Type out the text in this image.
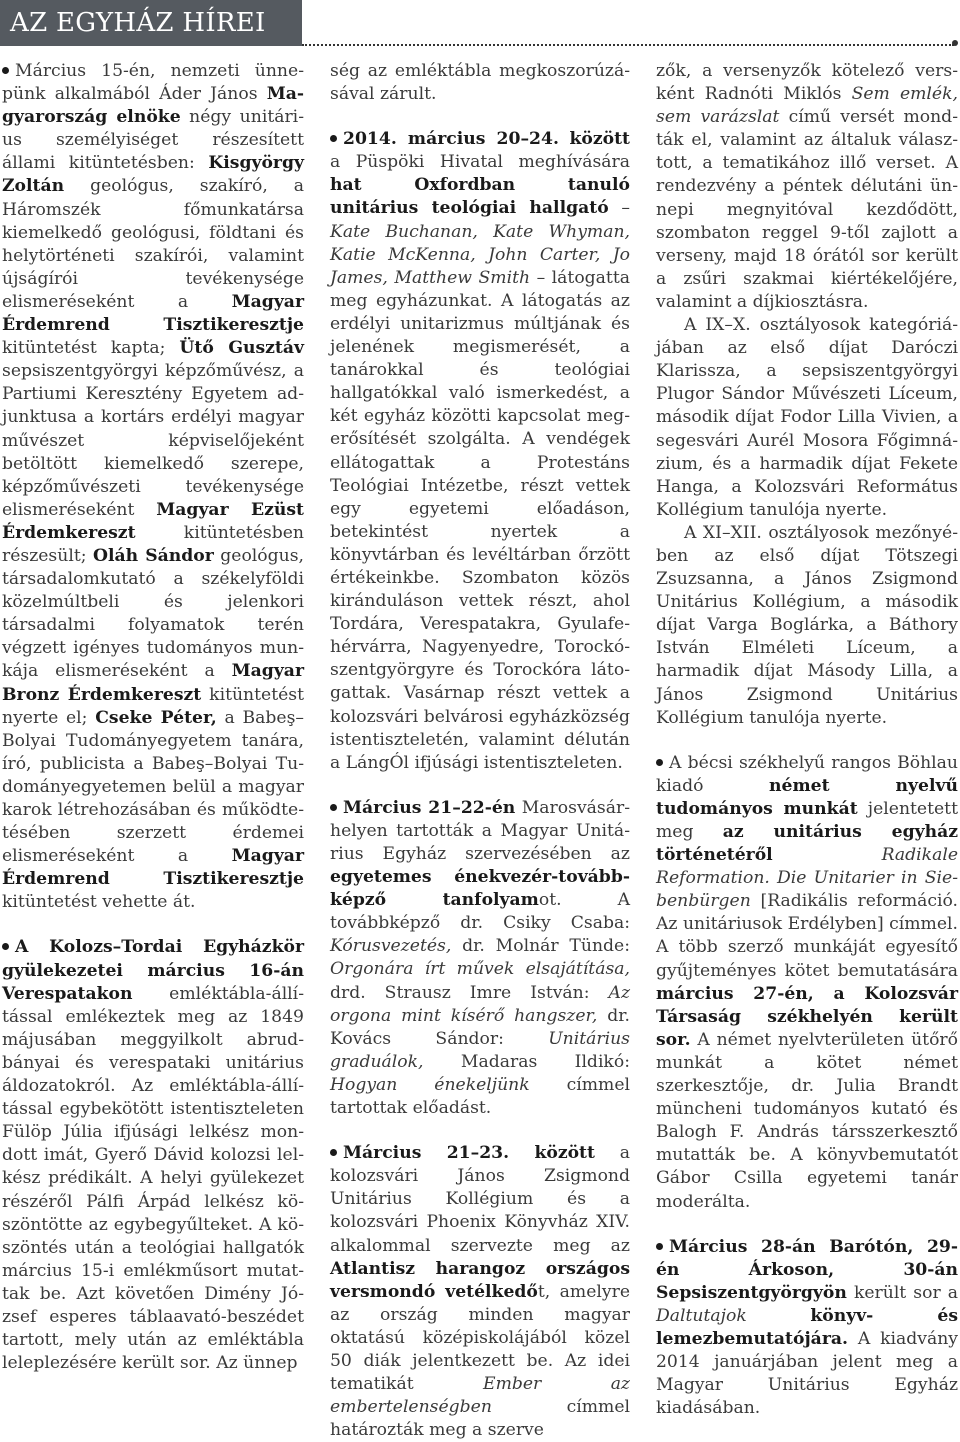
AZ EGYHÁZ HÍREI

Március 15-én, nemzeti ünnepünk alkalmából Áder János Magyarország elnöke négy unitárius személyiséget részesített állami kitüntetésben: Kisgyörgy Zoltán geológus, szakíró, a Háromszék főmunkatársa kiemelkedő geológusi, földtani és helytörténeti szakírói, valamint újságírói tevékenysége elismeréseként a Magyar Érdemrend Tisztikeresztje kitüntetést kapta; Ütő Gusztáv sepsiszentgyörgyi képzőművész, a Partiumi Keresztény Egyetem adjunktusa a kortárs erdélyi magyar művészet képviselőjeként betöltött kiemelkedő szerepe, képzőművészeti tevékenysége elismeréseként Magyar Ezüst Érdemkereszt kitüntetésben részesült; Oláh Sándor geológus, társadalomkutató a székelyföldi közelmúltbeli és jelenkori társadalmi folyamatok terén végzett igényes tudományos munkája elismeréseként a Magyar Bronz Érdemkereszt kitüntetést nyerte el; Cseke Péter, a Babeş–Bolyai Tudományegyetem tanára, író, publicista a Babeş–Bolyai Tudományegyetemen belül a magyar karok létrehozásában és működtetésében szerzett érdemei elismeréseként a Magyar Érdemrend Tisztikeresztje kitüntetést vehette át.

A Kolozs–Tordai Egyházkör gyülekezetei március 16-án Verespatakon emléktábla-állítással emlékeztek meg az 1849 májusában meggyilkolt abrudbányai és verespataki unitárius áldozatokról. Az emléktábla-állítással egybekötött istentiszteleten Fülöp Júlia ifjúsági lelkész mondott imát, Gyerő Dávid kolozsi lelkész prédikált. A helyi gyülekezet részéről Pálfi Árpád lelkész köszöntötte az egybegyűlteket. A köszöntés után a teológiai hallgatók március 15-i emlékműsort mutattak be. Azt követően Dimény József esperes táblaavató-beszédet tartott, mely után az emléktábla leleplezésére került sor. Az ünnep

ség az emléktábla megkoszorúzásával zárult.

2014. március 20–24. között a Püspöki Hivatal meghívására hat Oxfordban tanuló unitárius teológiai hallgató – Kate Buchanan, Kate Whyman, Katie McKenna, John Carter, Jo James, Matthew Smith – látogatta meg egyházunkat. A látogatás az erdélyi unitarizmus múltjának és jelenének megismerését, a tanárokkal és teológiai hallgatókkal való ismerkedést, a két egyház közötti kapcsolat megerősítését szolgálta. A vendégek ellátogattak a Protestáns Teológiai Intézetbe, részt vettek egy egyetemi előadáson, betekintést nyertek a könyvtárban és levéltárban őrzött értékeinkbe. Szombaton közös kiránduláson vettek részt, ahol Tordára, Verespatakra, Gyulafehérvárra, Nagyenyedre, Torockószentgyörgyre és Torockóra látogattak. Vasárnap részt vettek a kolozsvári belvárosi egyházközség istentiszteletén, valamint délután a LángÓl ifjúsági istentiszteleten.

Március 21–22-én Marosvásárhelyen tartották a Magyar Unitárius Egyház szervezésében az egyetemes énekvezér-továbbképző tanfolyamot. A továbbképző dr. Csiky Csaba: Kórusvezetés, dr. Molnár Tünde: Orgonára írt művek elsajátítása, drd. Strausz Imre István: Az orgona mint kísérő hangszer, dr. Kovács Sándor: Unitárius graduálok, Madaras Ildikó: Hogyan énekeljünk címmel tartottak előadást.

Március 21–23. között a kolozsvári János Zsigmond Unitárius Kollégium és a kolozsvári Phoenix Könyvház XIV. alkalommal szervezte meg az Atlantisz harangoz országos versmondó vetélkedőt, amelyre az ország minden magyar oktatású középiskolájából közel 50 diák jelentkezett be. Az idei tematikát Ember az embertelenségben címmel határozták meg a szerve

zők, a versenyzők kötelező versként Radnóti Miklós Sem emlék, sem varázslat című versét mondták el, valamint az általuk választott, a tematikához illő verset. A rendezvény a péntek délutáni ünnepi megnyitóval kezdődött, szombaton reggel 9-től zajlott a verseny, majd 18 órától sor került a zsűri szakmai kiértékelőjére, valamint a díjkiosztásra.

A IX–X. osztályosok kategóriájában az első díjat Daróczi Klarissza, a sepsiszentgyörgyi Plugor Sándor Művészeti Líceum, második díjat Fodor Lilla Vivien, a segesvári Aurél Mosora Főgimnázium, és a harmadik díjat Fekete Hanga, a Kolozsvári Református Kollégium tanulója nyerte.

A XI–XII. osztályosok mezőnyében az első díjat Tötszegi Zsuzsanna, a János Zsigmond Unitárius Kollégium, a második díjat Varga Boglárka, a Báthory István Elméleti Líceum, a harmadik díjat Másody Lilla, a János Zsigmond Unitárius Kollégium tanulója nyerte.

A bécsi székhelyű rangos Böhlau kiadó német nyelvű tudományos munkát jelentetett meg az unitárius egyház történetéről	Radikale Reformation. Die Unitarier in Siebenbürgen [Radikális reformáció. Az unitáriusok Erdélyben] címmel. A több szerző munkáját egyesítő gyűjteményes kötet bemutatására március 27-én, a Kolozsvár Társaság székhelyén került sor. A német nyelvterületen ütőrő munkát a kötet német szerkesztője, dr. Julia Brandt müncheni tudományos kutató és Balogh F. András társszerkesztő mutatták be. A könyvbemutatót Gábor Csilla egyetemi tanár moderálta.

Március 28-án Barótón, 29-én Árkoson, 30-án Sepsiszentgyörgyön került sor a Daltutajok	könyv- és lemezbemutatójára. A kiadvány 2014 januárjában jelent meg a Magyar Unitárius Egyház kiadásában.
